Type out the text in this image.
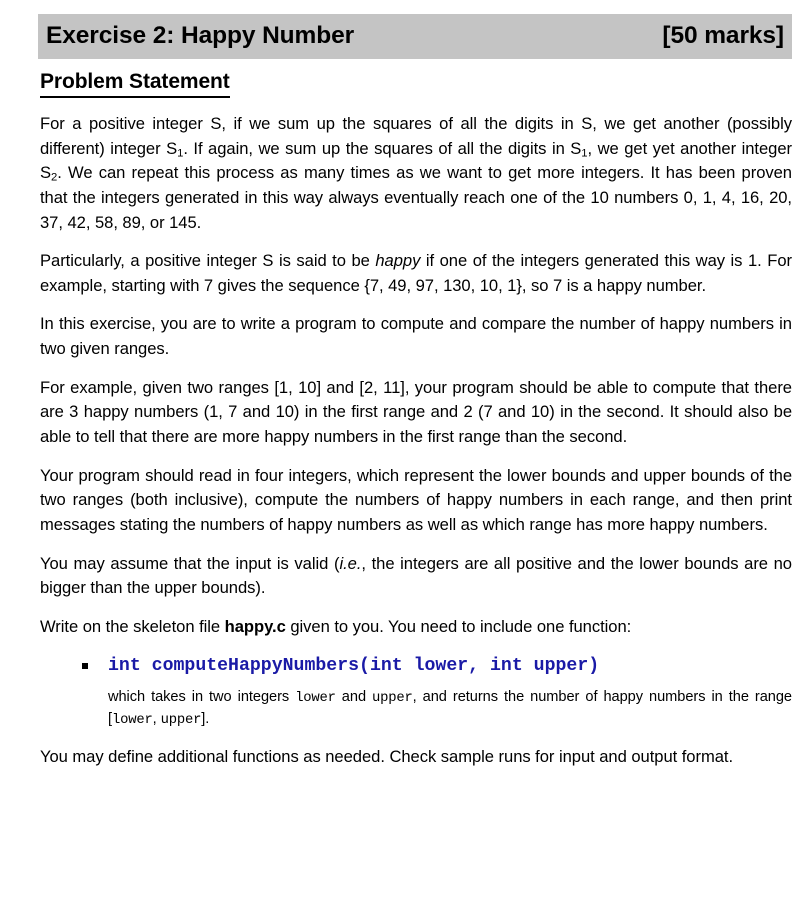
Exercise 2: Happy Number	[50 marks]
Problem Statement

For a positive integer S, if we sum up the squares of all the digits in S, we get another (possibly different) integer $S_1$. If again, we sum up the squares of all the digits in $S_1$, we get yet another integer $S_2$. We can repeat this process as many times as we want to get more integers. It has been proven that the integers generated in this way always eventually reach one of the 10 numbers 0, 1, 4, 16, 20, 37, 42, 58, 89, or 145.

Particularly, a positive integer S is said to be happy if one of the integers generated this way is 1. For example, starting with 7 gives the sequence {7, 49, 97, 130, 10, 1}, so 7 is a happy number.

In this exercise, you are to write a program to compute and compare the number of happy numbers in two given ranges.

For example, given two ranges [1, 10] and [2, 11], your program should be able to compute that there are 3 happy numbers (1, 7 and 10) in the first range and 2 (7 and 10) in the second. It should also be able to tell that there are more happy numbers in the first range than the second.

Your program should read in four integers, which represent the lower bounds and upper bounds of the two ranges (both inclusive), compute the numbers of happy numbers in each range, and then print messages stating the numbers of happy numbers as well as which range has more happy numbers.

You may assume that the input is valid (i.e., the integers are all positive and the lower bounds are no bigger than the upper bounds).

Write on the skeleton file happy.c given to you. You need to include one function:

int computeHappyNumbers(int lower, int upper)

which takes in two integers lower and upper, and returns the number of happy numbers in the range [lower, upper].

You may define additional functions as needed. Check sample runs for input and output format.
